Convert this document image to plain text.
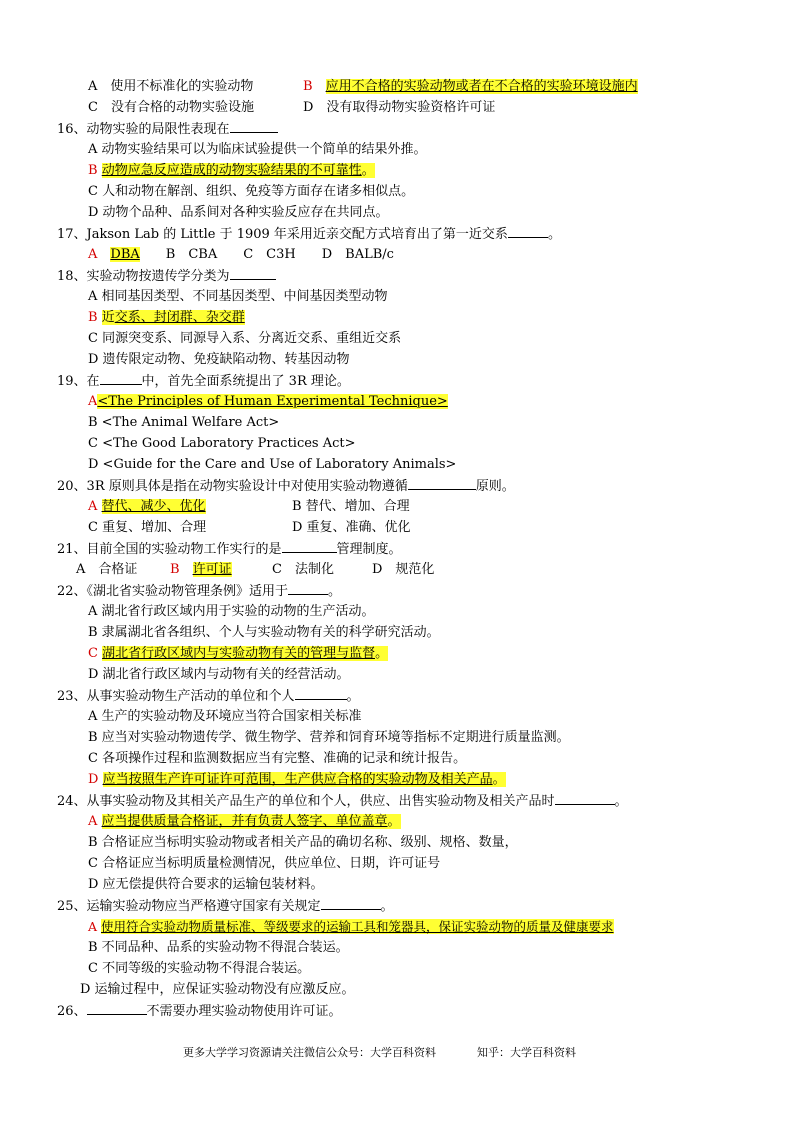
A　使用不标准化的实验动物	B　 应用不合格的实验动物或者在不合格的实验环境设施内
C　没有合格的动物实验设施	D　没有取得动物实验资格许可证
16、动物实验的局限性表现在
A 动物实验结果可以为临床试验提供一个简单的结果外推。
B 动物应急反应造成的动物实验结果的不可靠性。
C 人和动物在解剖、组织、免疫等方面存在诸多相似点。
D 动物个品种、品系间对各种实验反应存在共同点。
17、Jakson Lab 的 Little 于 1909 年采用近亲交配方式培育出了第一近交系	。
A　 DBA　　 B　CBA　　C　C3H　　D　BALB/c
18、实验动物按遗传学分类为
A 相同基因类型、不同基因类型、中间基因类型动物
B 近交系、封闭群、杂交群
C 同源突变系、同源导入系、分离近交系、重组近交系
D 遗传限定动物、免疫缺陷动物、转基因动物
19、在	中，首先全面系统提出了 3R 理论。
A<The Principles of Human Experimental Technique>
B <The Animal Welfare Act>
C <The Good Laboratory Practices Act>
D <Guide for the Care and Use of Laboratory Animals>
20、3R 原则具体是指在动物实验设计中对使用实验动物遵循	原则。
A 替代、减少、优化	B 替代、增加、合理
C 重复、增加、合理	D 重复、准确、优化
21、目前全国的实验动物工作实行的是	管理制度。
A　合格证	B　 许可证	C　法制化	D　规范化
22、《湖北省实验动物管理条例》适用于	。
A 湖北省行政区域内用于实验的动物的生产活动。
B 隶属湖北省各组织、个人与实验动物有关的科学研究活动。
C 湖北省行政区域内与实验动物有关的管理与监督。
D 湖北省行政区域内与动物有关的经营活动。
23、从事实验动物生产活动的单位和个人	。
A 生产的实验动物及环境应当符合国家相关标准
B 应当对实验动物遗传学、微生物学、营养和饲育环境等指标不定期进行质量监测。
C 各项操作过程和监测数据应当有完整、准确的记录和统计报告。
D 应当按照生产许可证许可范围，生产供应合格的实验动物及相关产品。
24、从事实验动物及其相关产品生产的单位和个人，供应、出售实验动物及相关产品时	。
A 应当提供质量合格证，并有负责人签字、单位盖章。
B 合格证应当标明实验动物或者相关产品的确切名称、级别、规格、数量，
C 合格证应当标明质量检测情况，供应单位、日期，许可证号
D 应无偿提供符合要求的运输包装材料。
25、运输实验动物应当严格遵守国家有关规定	。
A 使用符合实验动物质量标准、等级要求的运输工具和笼器具，保证实验动物的质量及健康要求
B 不同品种、品系的实验动物不得混合装运。
C 不同等级的实验动物不得混合装运。
D 运输过程中，应保证实验动物没有应激反应。
26、	不需要办理实验动物使用许可证。
更多大学学习资源请关注微信公众号：大学百科资料	知乎：大学百科资料
